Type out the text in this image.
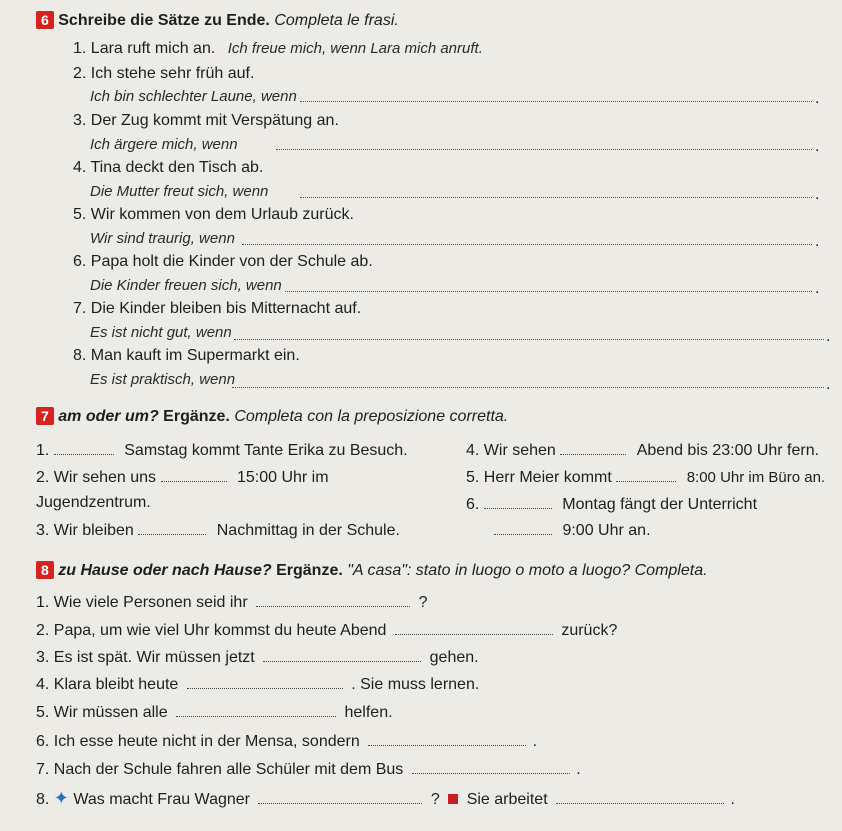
6 Schreibe die Sätze zu Ende. Completa le frasi.
1. Lara ruft mich an. Ich freue mich, wenn Lara mich anruft.
2. Ich stehe sehr früh auf.
Ich bin schlechter Laune, wenn	.
3. Der Zug kommt mit Verspätung an.
Ich ärgere mich, wenn	.
4. Tina deckt den Tisch ab.
Die Mutter freut sich, wenn	.
5. Wir kommen von dem Urlaub zurück.
Wir sind traurig, wenn	.
6. Papa holt die Kinder von der Schule ab.
Die Kinder freuen sich, wenn	.
7. Die Kinder bleiben bis Mitternacht auf.
Es ist nicht gut, wenn	.
8. Man kauft im Supermarkt ein.
Es ist praktisch, wenn	.
7 am oder um? Ergänze. Completa con la preposizione corretta.
1.	Samstag kommt Tante Erika zu Besuch.
2. Wir sehen uns	15:00 Uhr im
Jugendzentrum.
3. Wir bleiben	Nachmittag in der Schule.
4. Wir sehen	Abend bis 23:00 Uhr fern.
5. Herr Meier kommt	8:00 Uhr im Büro an.
6.	Montag fängt der Unterricht
9:00 Uhr an.
8 zu Hause oder nach Hause? Ergänze. "A casa": stato in luogo o moto a luogo? Completa.
1. Wie viele Personen seid ihr	?
2. Papa, um wie viel Uhr kommst du heute Abend	zurück?
3. Es ist spät. Wir müssen jetzt	gehen.
4. Klara bleibt heute	. Sie muss lernen.
5. Wir müssen alle	helfen.
6. Ich esse heute nicht in der Mensa, sondern	.
7. Nach der Schule fahren alle Schüler mit dem Bus	.
8. ✦ Was macht Frau Wagner	? Sie arbeitet	.
